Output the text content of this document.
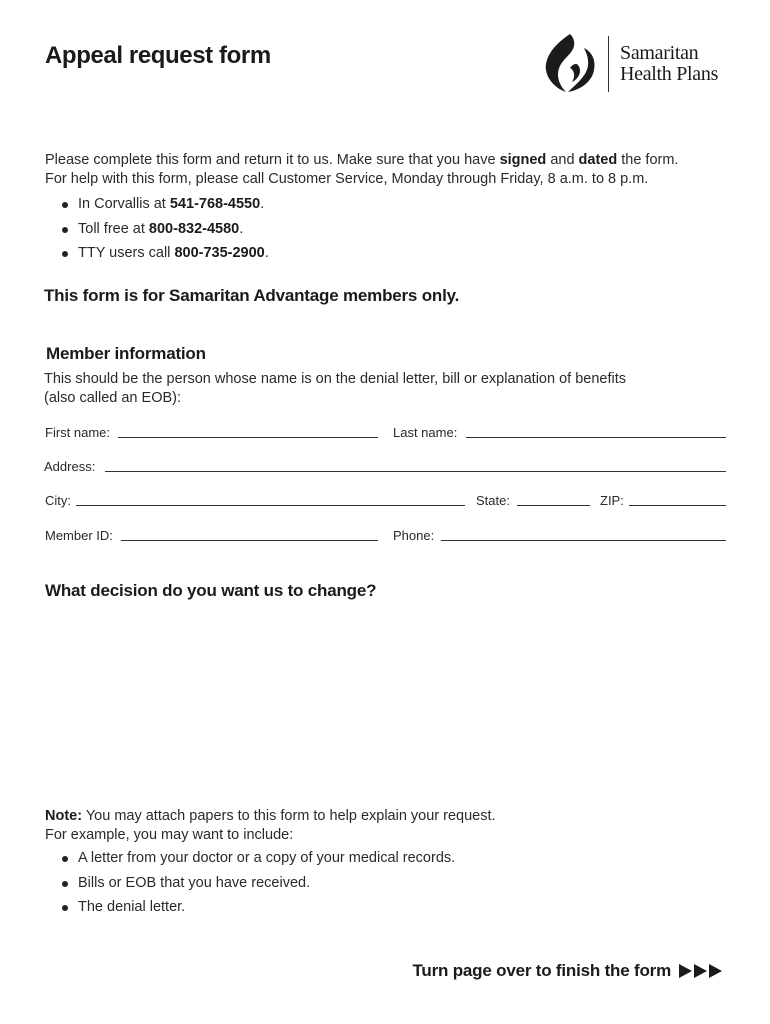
Appeal request form	Samaritan
Health Plans
Please complete this form and return it to us. Make sure that you have signed and dated the form.
For help with this form, please call Customer Service, Monday through Friday, 8 a.m. to 8 p.m.
In Corvallis at 541-768-4550.
Toll free at 800-832-4580.
TTY users call 800-735-2900.
This form is for Samaritan Advantage members only.
Member information
This should be the person whose name is on the denial letter, bill or explanation of benefits
(also called an EOB):
First name:	Last name:
Address:
City:	State:	ZIP:
Member ID:	Phone:
What decision do you want us to change?
Note: You may attach papers to this form to help explain your request.
For example, you may want to include:
A letter from your doctor or a copy of your medical records.
Bills or EOB that you have received.
The denial letter.
Turn page over to finish the form
